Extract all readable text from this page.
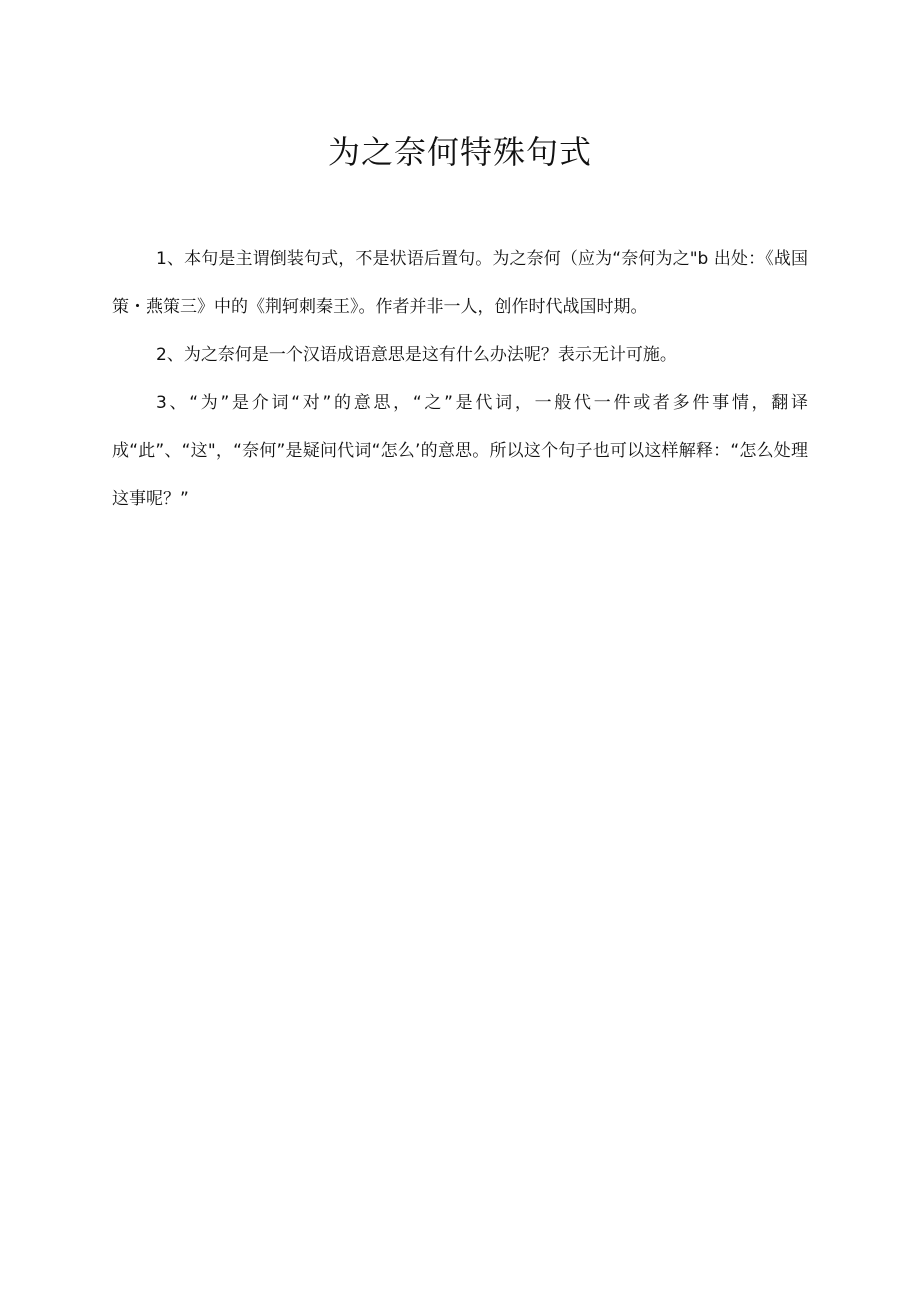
为之奈何特殊句式

1、本句是主谓倒装句式，不是状语后置句。为之奈何（应为“奈何为之"b 出处：《战国策・燕策三》中的《荆轲刺秦王》。作者并非一人，创作时代战国时期。

2、为之奈何是一个汉语成语意思是这有什么办法呢？表示无计可施。

3、“为”是介词“对”的意思，“之”是代词，一般代一件或者多件事情，翻译成“此”、“这"，“奈何”是疑问代词“怎么’的意思。所以这个句子也可以这样解释：“怎么处理这事呢？”
